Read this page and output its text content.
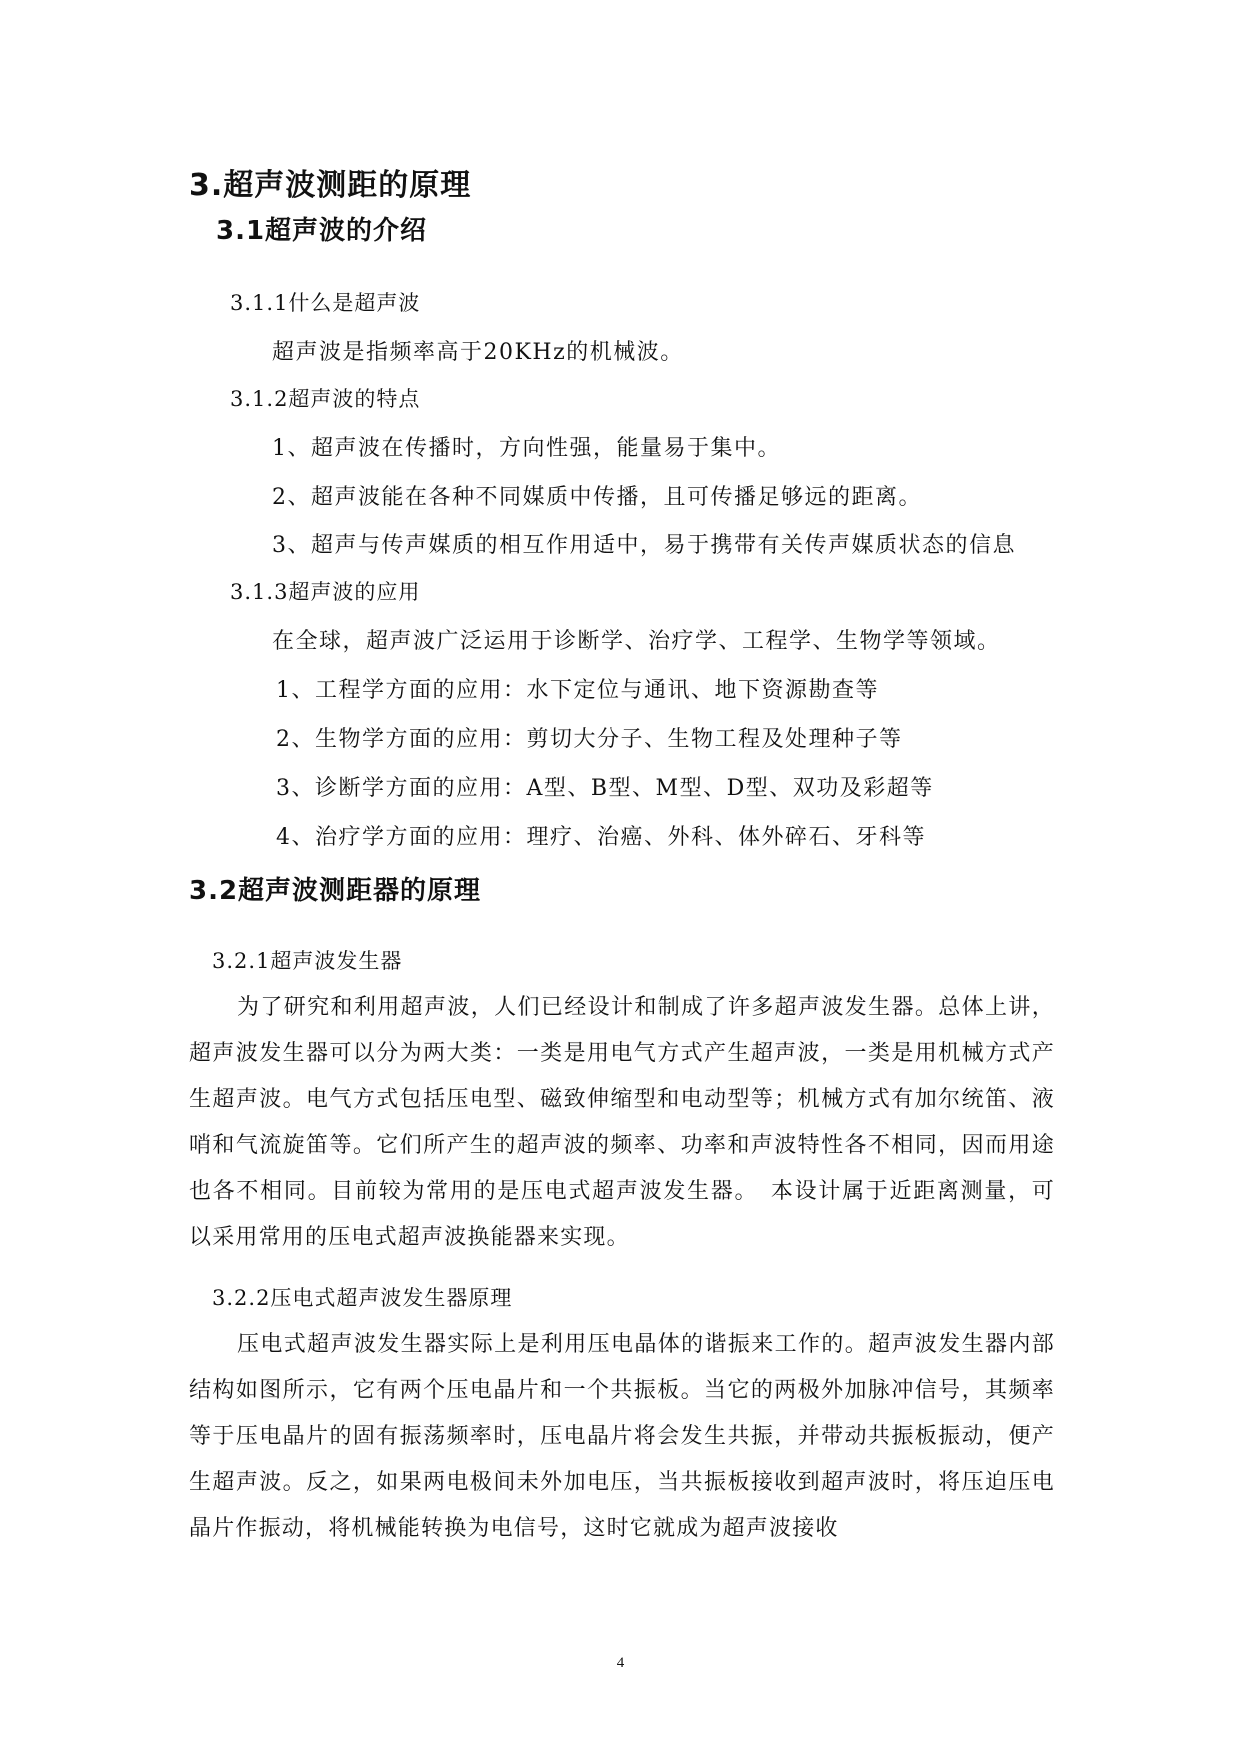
3.超声波测距的原理
3.1超声波的介绍
3.1.1什么是超声波
超声波是指频率高于20KHz的机械波。
3.1.2超声波的特点
1、超声波在传播时，方向性强，能量易于集中。
2、超声波能在各种不同媒质中传播，且可传播足够远的距离。
3、超声与传声媒质的相互作用适中，易于携带有关传声媒质状态的信息
3.1.3超声波的应用
在全球，超声波广泛运用于诊断学、治疗学、工程学、生物学等领域。
1、工程学方面的应用：水下定位与通讯、地下资源勘查等
2、生物学方面的应用：剪切大分子、生物工程及处理种子等
3、诊断学方面的应用：A型、B型、M型、D型、双功及彩超等
4、治疗学方面的应用：理疗、治癌、外科、体外碎石、牙科等
3.2超声波测距器的原理
3.2.1超声波发生器
为了研究和利用超声波，人们已经设计和制成了许多超声波发生器。总体上讲，超声波发生器可以分为两大类：一类是用电气方式产生超声波，一类是用机械方式产生超声波。电气方式包括压电型、磁致伸缩型和电动型等；机械方式有加尔统笛、液哨和气流旋笛等。它们所产生的超声波的频率、功率和声波特性各不相同，因而用途也各不相同。目前较为常用的是压电式超声波发生器。　本设计属于近距离测量，可以采用常用的压电式超声波换能器来实现。
3.2.2压电式超声波发生器原理
压电式超声波发生器实际上是利用压电晶体的谐振来工作的。超声波发生器内部结构如图所示，它有两个压电晶片和一个共振板。当它的两极外加脉冲信号，其频率等于压电晶片的固有振荡频率时，压电晶片将会发生共振，并带动共振板振动，便产生超声波。反之，如果两电极间未外加电压，当共振板接收到超声波时，将压迫压电晶片作振动，将机械能转换为电信号，这时它就成为超声波接收
4
